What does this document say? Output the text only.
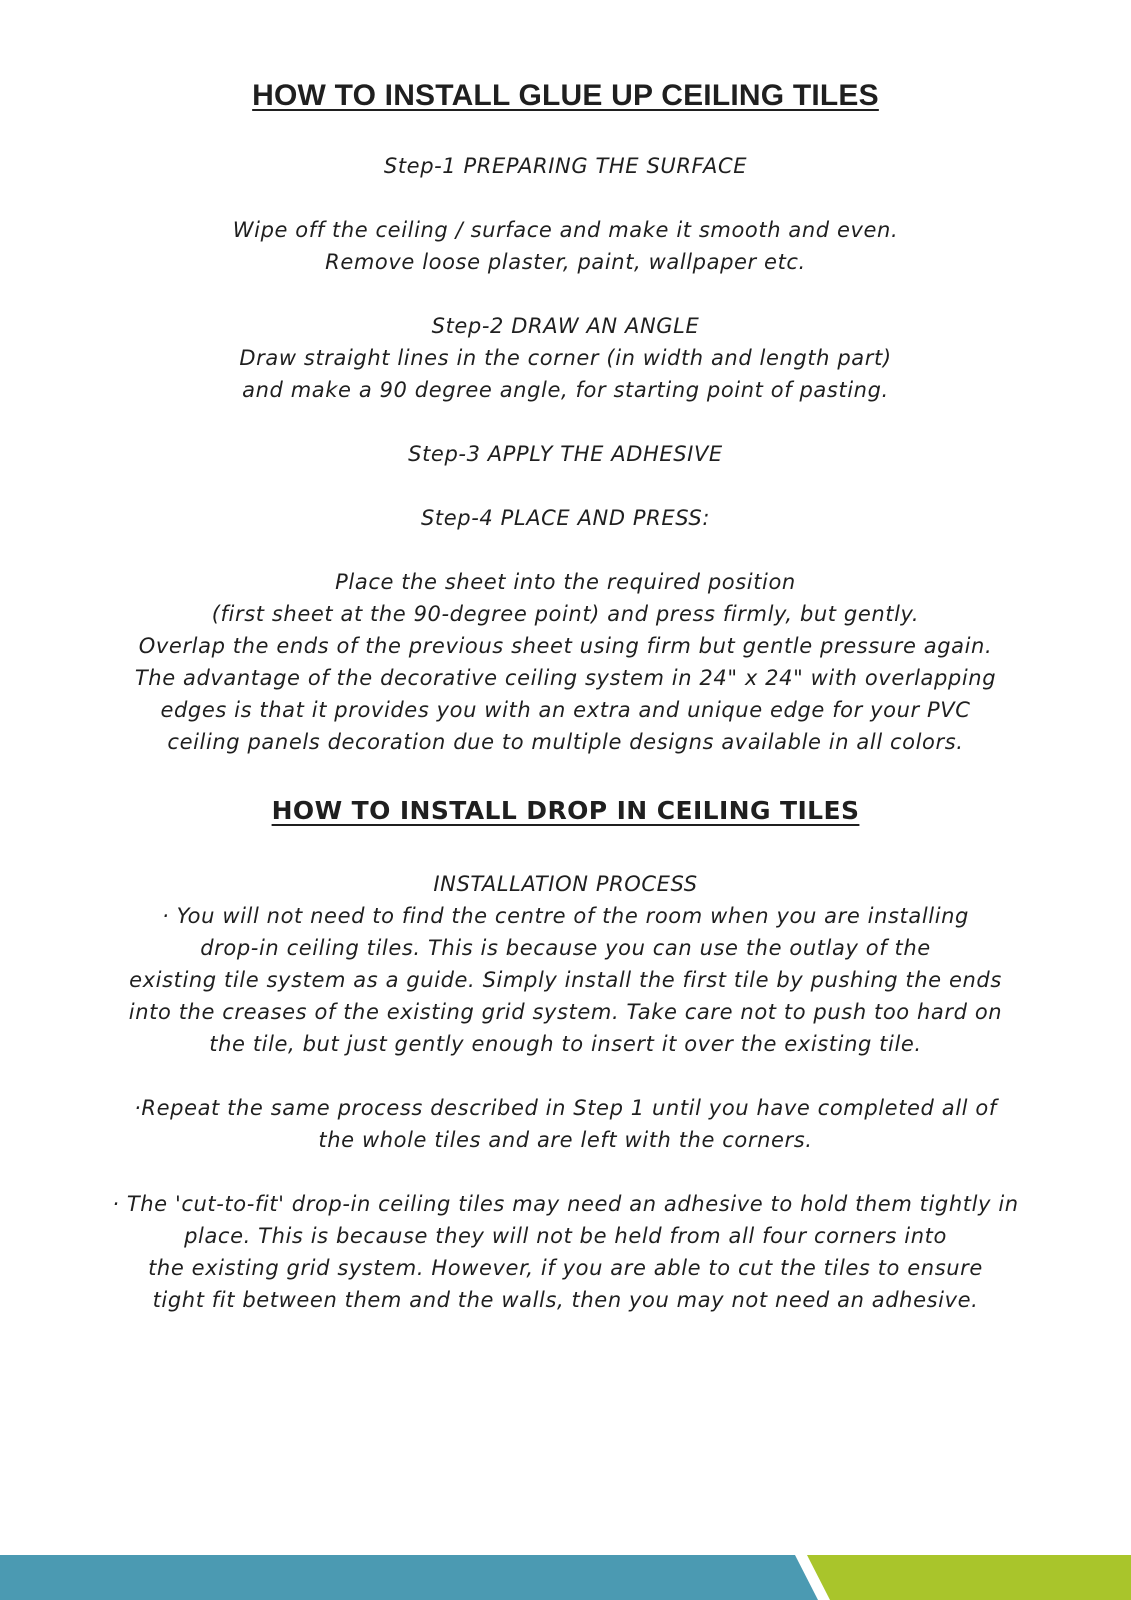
HOW TO INSTALL GLUE UP CEILING TILES

Step-1 PREPARING THE SURFACE

Wipe off the ceiling / surface and make it smooth and even.

Remove loose plaster, paint, wallpaper etc.

Step-2 DRAW AN ANGLE

Draw straight lines in the corner (in width and length part)

and make a 90 degree angle, for starting point of pasting.

Step-3 APPLY THE ADHESIVE

Step-4 PLACE AND PRESS:

Place the sheet into the required position

(first sheet at the 90-degree point) and press firmly, but gently.

Overlap the ends of the previous sheet using firm but gentle pressure again.

The advantage of the decorative ceiling system in 24" x 24" with overlapping

edges is that it provides you with an extra and unique edge for your PVC

ceiling panels decoration due to multiple designs available in all colors.

HOW TO INSTALL DROP IN CEILING TILES

INSTALLATION PROCESS

· You will not need to find the centre of the room when you are installing

drop-in ceiling tiles. This is because you can use the outlay of the

existing tile system as a guide. Simply install the first tile by pushing the ends

into the creases of the existing grid system. Take care not to push too hard on

the tile, but just gently enough to insert it over the existing tile.

·Repeat the same process described in Step 1 until you have completed all of

the whole tiles and are left with the corners.

· The 'cut-to-fit' drop-in ceiling tiles may need an adhesive to hold them tightly in

place. This is because they will not be held from all four corners into

the existing grid system. However, if you are able to cut the tiles to ensure

tight fit between them and the walls, then you may not need an adhesive.
